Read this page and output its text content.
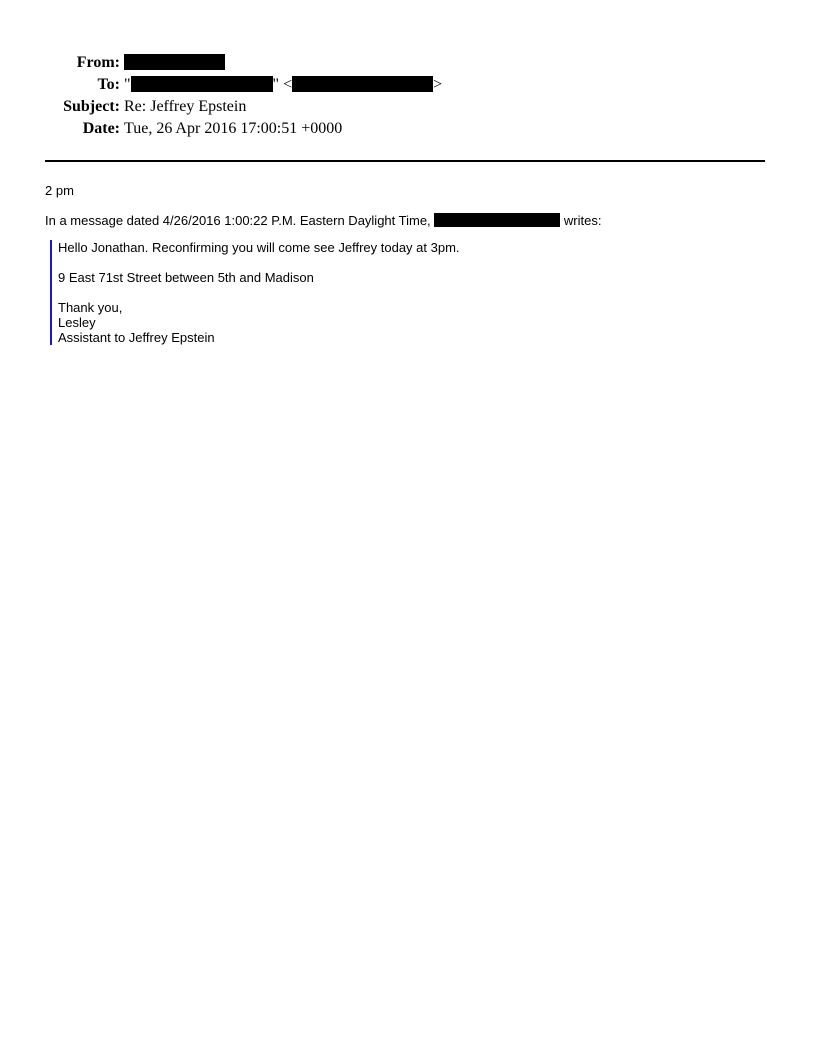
From:
To: "	" <	>
Subject: Re: Jeffrey Epstein
Date: Tue, 26 Apr 2016 17:00:51 +0000
2 pm
In a message dated 4/26/2016 1:00:22 P.M. Eastern Daylight Time,	writes:
Hello Jonathan. Reconfirming you will come see Jeffrey today at 3pm.
9 East 71st Street between 5th and Madison
Thank you,
Lesley
Assistant to Jeffrey Epstein
